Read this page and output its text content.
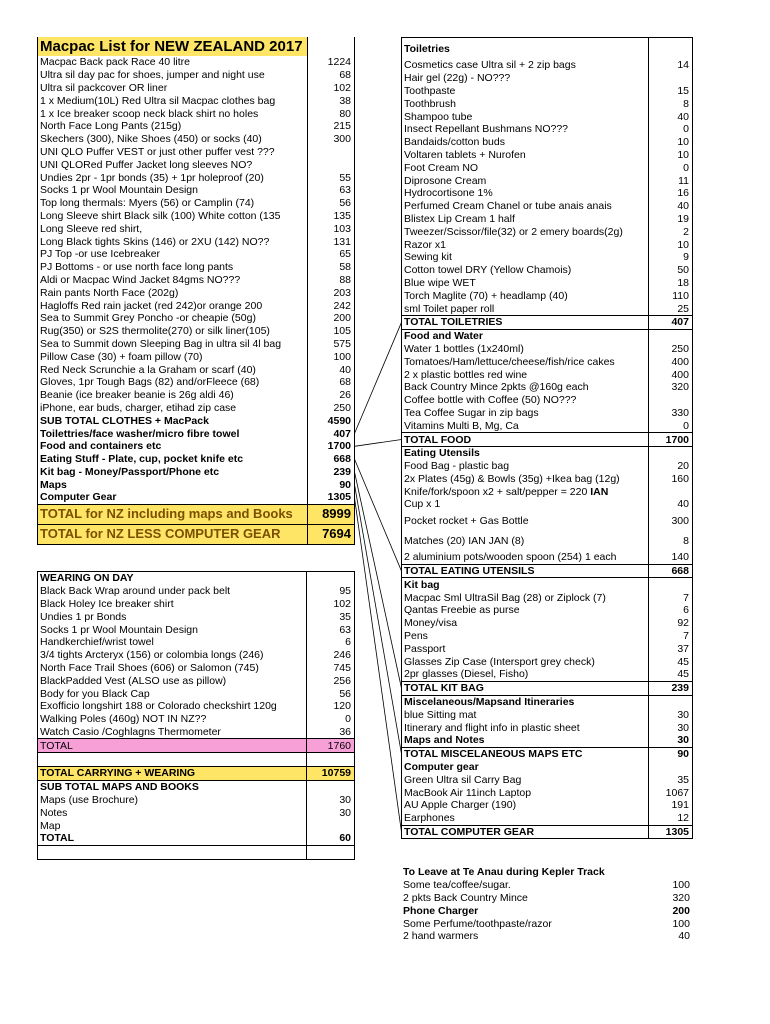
Macpac List for NEW ZEALAND 2017	
Macpac Back pack Race 40 litre	1224
Ultra sil day pac for shoes, jumper and night use	68
Ultra sil packcover OR liner	102
1 x Medium(10L) Red Ultra sil Macpac clothes bag	38
1 x Ice breaker scoop neck black shirt no holes	80
North Face Long Pants (215g)	215
Skechers (300), Nike Shoes (450) or socks (40)	300
UNI QLO Puffer VEST or just other puffer vest ???	
UNI QLORed Puffer Jacket long sleeves NO?	
Undies 2pr - 1pr bonds (35) + 1pr holeproof (20)	55
Socks 1 pr Wool Mountain Design	63
Top long thermals: Myers (56) or Camplin (74)	56
Long Sleeve shirt Black silk (100) White cotton (135	135
Long Sleeve red shirt,	103
Long Black tights Skins (146) or 2XU (142) NO??	131
PJ Top -or use Icebreaker	65
PJ Bottoms - or use north face long pants	58
Aldi or Macpac Wind Jacket 84gms NO???	88
Rain pants North Face (202g)	203
Hagloffs Red rain jacket (red 242)or orange 200	242
Sea to Summit Grey Poncho -or cheapie (50g)	200
Rug(350) or S2S thermolite(270) or silk liner(105)	105
Sea to Summit down Sleeping Bag in ultra sil 4l bag	575
Pillow Case (30) + foam pillow (70)	100
Red Neck Scrunchie a la Graham or scarf (40)	40
Gloves, 1pr Tough Bags (82) and/orFleece (68)	68
Beanie (ice breaker beanie is 26g aldi 46)	26
iPhone, ear buds, charger, etihad zip case	250
SUB TOTAL CLOTHES + MacPack	4590
Toilettries/face washer/micro fibre towel	407
Food and containers etc	1700
Eating Stuff - Plate, cup, pocket knife etc	668
Kit bag - Money/Passport/Phone etc	239
Maps	90
Computer Gear	1305
TOTAL for NZ including maps and Books	8999
TOTAL for NZ LESS COMPUTER GEAR	7694
WEARING ON DAY	
Black Back Wrap around under pack belt	95
Black Holey Ice breaker shirt	102
Undies 1 pr Bonds	35
Socks 1 pr Wool Mountain Design	63
Handkerchief/wrist towel	6
3/4 tights Arcteryx (156) or colombia longs (246)	246
North Face Trail Shoes (606) or Salomon (745)	745
BlackPadded Vest (ALSO use as pillow)	256
Body for you Black Cap	56
Exofficio longshirt 188 or Colorado checkshirt 120g	120
Walking Poles (460g) NOT IN NZ??	0
Watch Casio /Coghlagns Thermometer	36
TOTAL	1760

TOTAL CARRYING + WEARING	10759
SUB TOTAL MAPS AND BOOKS	
Maps (use Brochure)	30
Notes	30
Map	
TOTAL	60

Toiletries	
Cosmetics case Ultra sil + 2 zip bags	14
Hair gel (22g) - NO???	
Toothpaste	15
Toothbrush	8
Shampoo tube	40
Insect Repellant Bushmans NO???	0
Bandaids/cotton buds	10
Voltaren tablets + Nurofen	10
Foot Cream NO	0
Diprosone Cream	11
Hydrocortisone 1%	16
Perfumed Cream Chanel or tube anais anais	40
Blistex Lip Cream 1 half	19
Tweezer/Scissor/file(32) or 2 emery boards(2g)	2
Razor x1	10
Sewing kit	9
Cotton towel DRY (Yellow Chamois)	50
Blue wipe WET	18
Torch Maglite (70) + headlamp (40)	110
sml Toilet paper roll	25
TOTAL TOILETRIES	407
Food and Water	
Water 1 bottles (1x240ml)	250
Tomatoes/Ham/lettuce/cheese/fish/rice cakes	400
2 x plastic bottles red wine	400
Back Country Mince 2pkts @160g each	320
Coffee bottle with Coffee (50) NO???	
Tea Coffee Sugar in zip bags	330
Vitamins Multi B, Mg, Ca	0
TOTAL FOOD	1700
Eating Utensils	
Food Bag - plastic bag	20
2x Plates (45g) & Bowls (35g) +Ikea bag (12g)	160
Knife/fork/spoon x2 + salt/pepper = 220 IAN	
Cup x 1	40
Pocket rocket + Gas Bottle	300
Matches (20) IAN JAN (8)	8
2 aluminium pots/wooden spoon (254) 1 each	140
TOTAL EATING UTENSILS	668
Kit bag	
Macpac Sml UltraSil Bag (28) or Ziplock (7)	7
Qantas Freebie as purse	6
Money/visa	92
Pens	7
Passport	37
Glasses Zip Case (Intersport grey check)	45
2pr glasses (Diesel, Fisho)	45
TOTAL KIT BAG	239
Miscelaneous/Mapsand Itineraries	
blue Sitting mat	30
Itinerary and flight info in plastic sheet	30
Maps and Notes	30
TOTAL MISCELANEOUS MAPS ETC	90
Computer gear	
Green Ultra sil Carry Bag	35
MacBook Air 11inch Laptop	1067
AU Apple Charger (190)	191
Earphones	12
TOTAL COMPUTER GEAR	1305
To Leave at Te Anau during Kepler Track	
Some tea/coffee/sugar.	100
2 pkts Back Country Mince	320
Phone Charger	200
Some Perfume/toothpaste/razor	100
2 hand warmers	40
